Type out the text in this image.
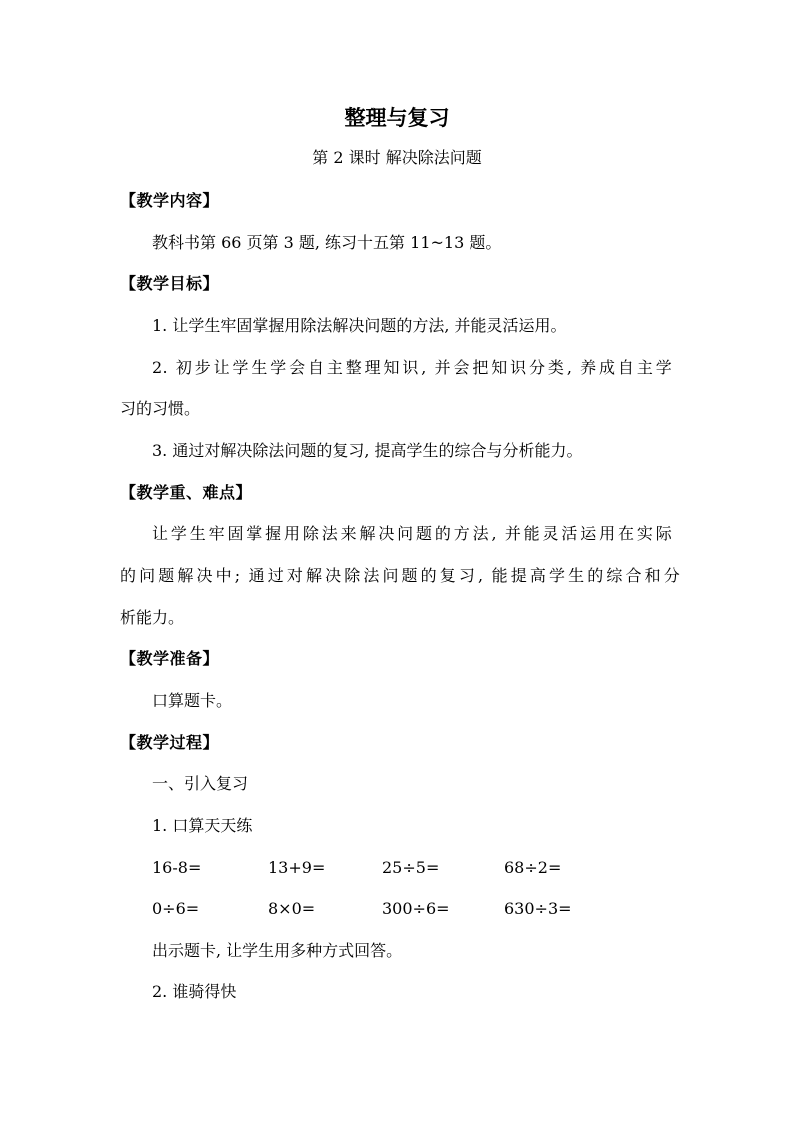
整理与复习
第 2 课时 解决除法问题
【教学内容】
教科书第 66 页第 3 题, 练习十五第 11~13 题。
【教学目标】
1. 让学生牢固掌握用除法解决问题的方法, 并能灵活运用。
2. 初步让学生学会自主整理知识, 并会把知识分类, 养成自主学
习的习惯。
3. 通过对解决除法问题的复习, 提高学生的综合与分析能力。
【教学重、难点】
让学生牢固掌握用除法来解决问题的方法, 并能灵活运用在实际
的问题解决中; 通过对解决除法问题的复习, 能提高学生的综合和分
析能力。
【教学准备】
口算题卡。
【教学过程】
一、引入复习
1. 口算天天练
16-8=	13+9=	25÷5=	68÷2=
0÷6=	8×0=	300÷6=	630÷3=
出示题卡, 让学生用多种方式回答。
2. 谁骑得快
